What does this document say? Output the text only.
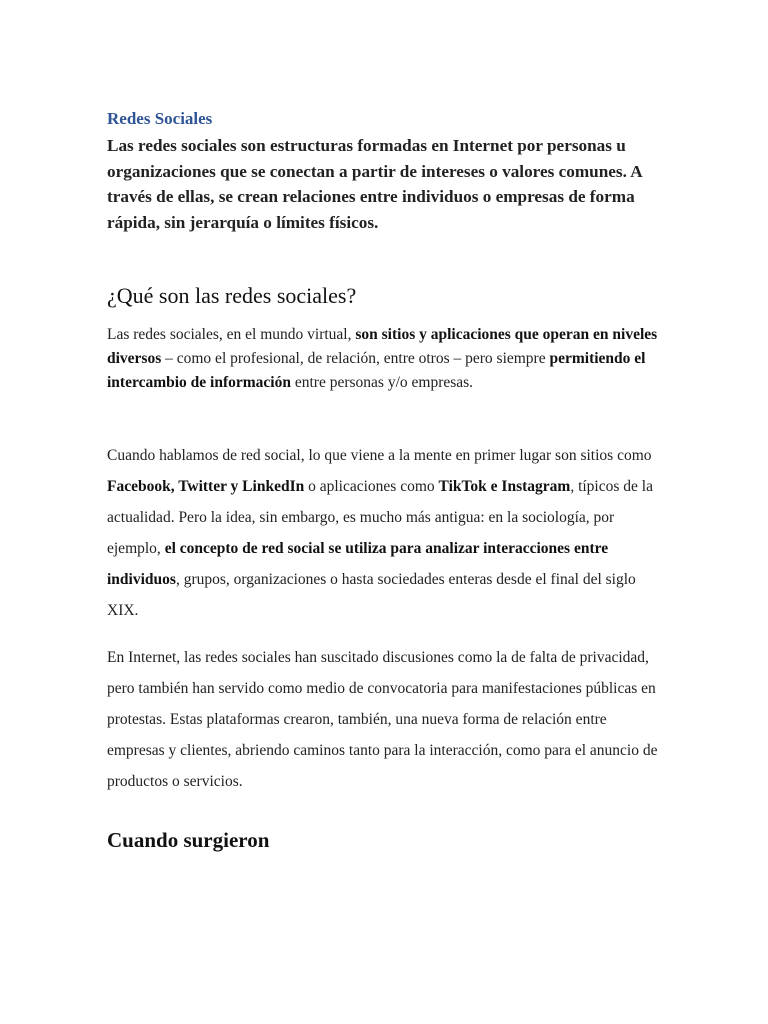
Redes Sociales

Las redes sociales son estructuras formadas en Internet por personas u organizaciones que se conectan a partir de intereses o valores comunes. A través de ellas, se crean relaciones entre individuos o empresas de forma rápida, sin jerarquía o límites físicos.

¿Qué son las redes sociales?

Las redes sociales, en el mundo virtual, son sitios y aplicaciones que operan en niveles diversos – como el profesional, de relación, entre otros – pero siempre permitiendo el intercambio de información entre personas y/o empresas.

Cuando hablamos de red social, lo que viene a la mente en primer lugar son sitios como Facebook, Twitter y LinkedIn o aplicaciones como TikTok e Instagram, típicos de la actualidad. Pero la idea, sin embargo, es mucho más antigua: en la sociología, por ejemplo, el concepto de red social se utiliza para analizar interacciones entre individuos, grupos, organizaciones o hasta sociedades enteras desde el final del siglo XIX.

En Internet, las redes sociales han suscitado discusiones como la de falta de privacidad, pero también han servido como medio de convocatoria para manifestaciones públicas en protestas. Estas plataformas crearon, también, una nueva forma de relación entre empresas y clientes, abriendo caminos tanto para la interacción, como para el anuncio de productos o servicios.

Cuando surgieron
